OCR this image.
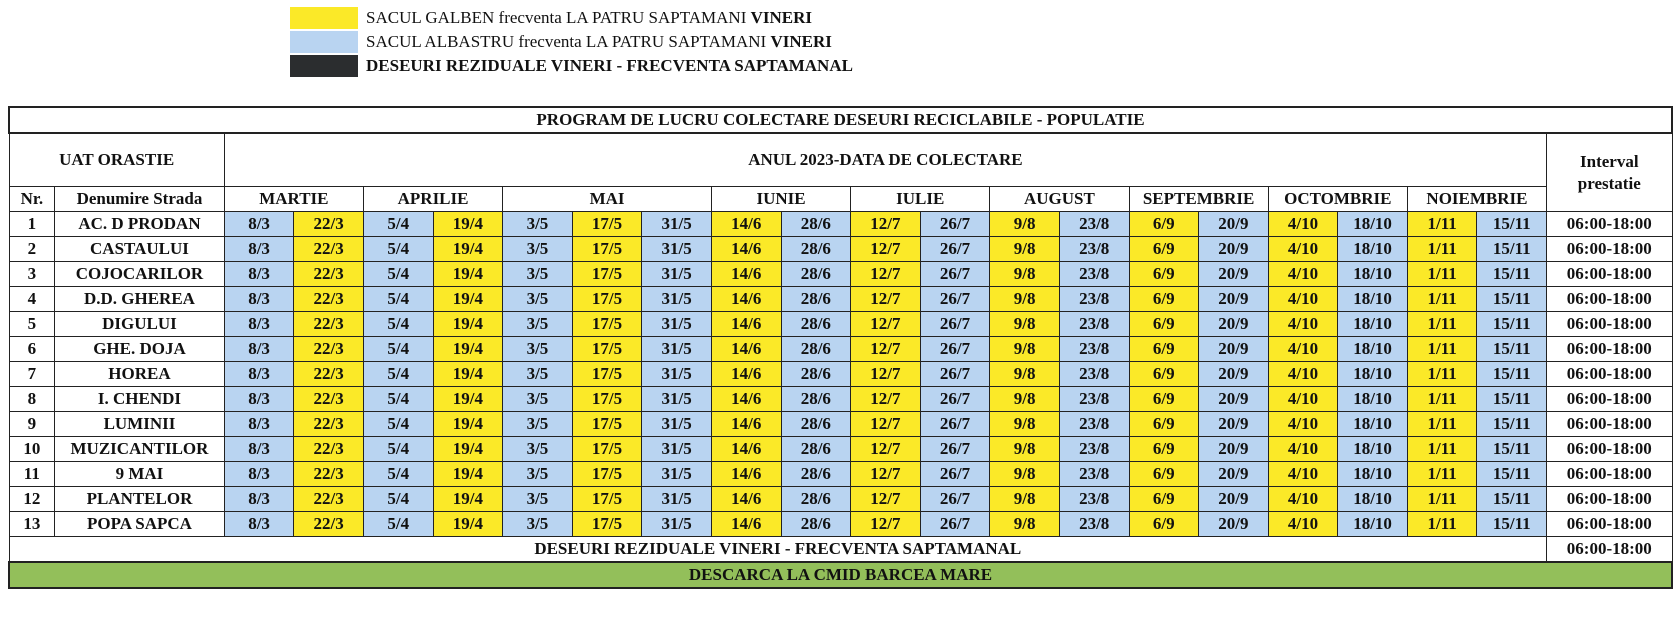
SACUL GALBEN frecventa LA PATRU SAPTAMANI VINERI
SACUL ALBASTRU frecventa LA PATRU SAPTAMANI VINERI
DESEURI REZIDUALE VINERI - FRECVENTA SAPTAMANAL
PROGRAM DE LUCRU COLECTARE DESEURI RECICLABILE - POPULATIE																					
UAT ORASTIE		ANUL 2023-DATA DE COLECTARE																			Interval prestatie

Nr.	Denumire Strada	MARTIE		APRILIE		MAI			IUNIE		IULIE		AUGUST		SEPTEMBRIE		OCTOMBRIE		NOIEMBRIE		
1	AC. D PRODAN	8/3	22/3	5/4	19/4	3/5	17/5	31/5	14/6	28/6	12/7	26/7	9/8	23/8	6/9	20/9	4/10	18/10	1/11	15/11	06:00-18:00
2	CASTAULUI	8/3	22/3	5/4	19/4	3/5	17/5	31/5	14/6	28/6	12/7	26/7	9/8	23/8	6/9	20/9	4/10	18/10	1/11	15/11	06:00-18:00
3	COJOCARILOR	8/3	22/3	5/4	19/4	3/5	17/5	31/5	14/6	28/6	12/7	26/7	9/8	23/8	6/9	20/9	4/10	18/10	1/11	15/11	06:00-18:00
4	D.D. GHEREA	8/3	22/3	5/4	19/4	3/5	17/5	31/5	14/6	28/6	12/7	26/7	9/8	23/8	6/9	20/9	4/10	18/10	1/11	15/11	06:00-18:00
5	DIGULUI	8/3	22/3	5/4	19/4	3/5	17/5	31/5	14/6	28/6	12/7	26/7	9/8	23/8	6/9	20/9	4/10	18/10	1/11	15/11	06:00-18:00
6	GHE. DOJA	8/3	22/3	5/4	19/4	3/5	17/5	31/5	14/6	28/6	12/7	26/7	9/8	23/8	6/9	20/9	4/10	18/10	1/11	15/11	06:00-18:00
7	HOREA	8/3	22/3	5/4	19/4	3/5	17/5	31/5	14/6	28/6	12/7	26/7	9/8	23/8	6/9	20/9	4/10	18/10	1/11	15/11	06:00-18:00
8	I. CHENDI	8/3	22/3	5/4	19/4	3/5	17/5	31/5	14/6	28/6	12/7	26/7	9/8	23/8	6/9	20/9	4/10	18/10	1/11	15/11	06:00-18:00
9	LUMINII	8/3	22/3	5/4	19/4	3/5	17/5	31/5	14/6	28/6	12/7	26/7	9/8	23/8	6/9	20/9	4/10	18/10	1/11	15/11	06:00-18:00
10	MUZICANTILOR	8/3	22/3	5/4	19/4	3/5	17/5	31/5	14/6	28/6	12/7	26/7	9/8	23/8	6/9	20/9	4/10	18/10	1/11	15/11	06:00-18:00
11	9 MAI	8/3	22/3	5/4	19/4	3/5	17/5	31/5	14/6	28/6	12/7	26/7	9/8	23/8	6/9	20/9	4/10	18/10	1/11	15/11	06:00-18:00
12	PLANTELOR	8/3	22/3	5/4	19/4	3/5	17/5	31/5	14/6	28/6	12/7	26/7	9/8	23/8	6/9	20/9	4/10	18/10	1/11	15/11	06:00-18:00
13	POPA SAPCA	8/3	22/3	5/4	19/4	3/5	17/5	31/5	14/6	28/6	12/7	26/7	9/8	23/8	6/9	20/9	4/10	18/10	1/11	15/11	06:00-18:00
DESEURI REZIDUALE VINERI - FRECVENTA SAPTAMANAL																					06:00-18:00
DESCARCA LA CMID BARCEA MARE																					
